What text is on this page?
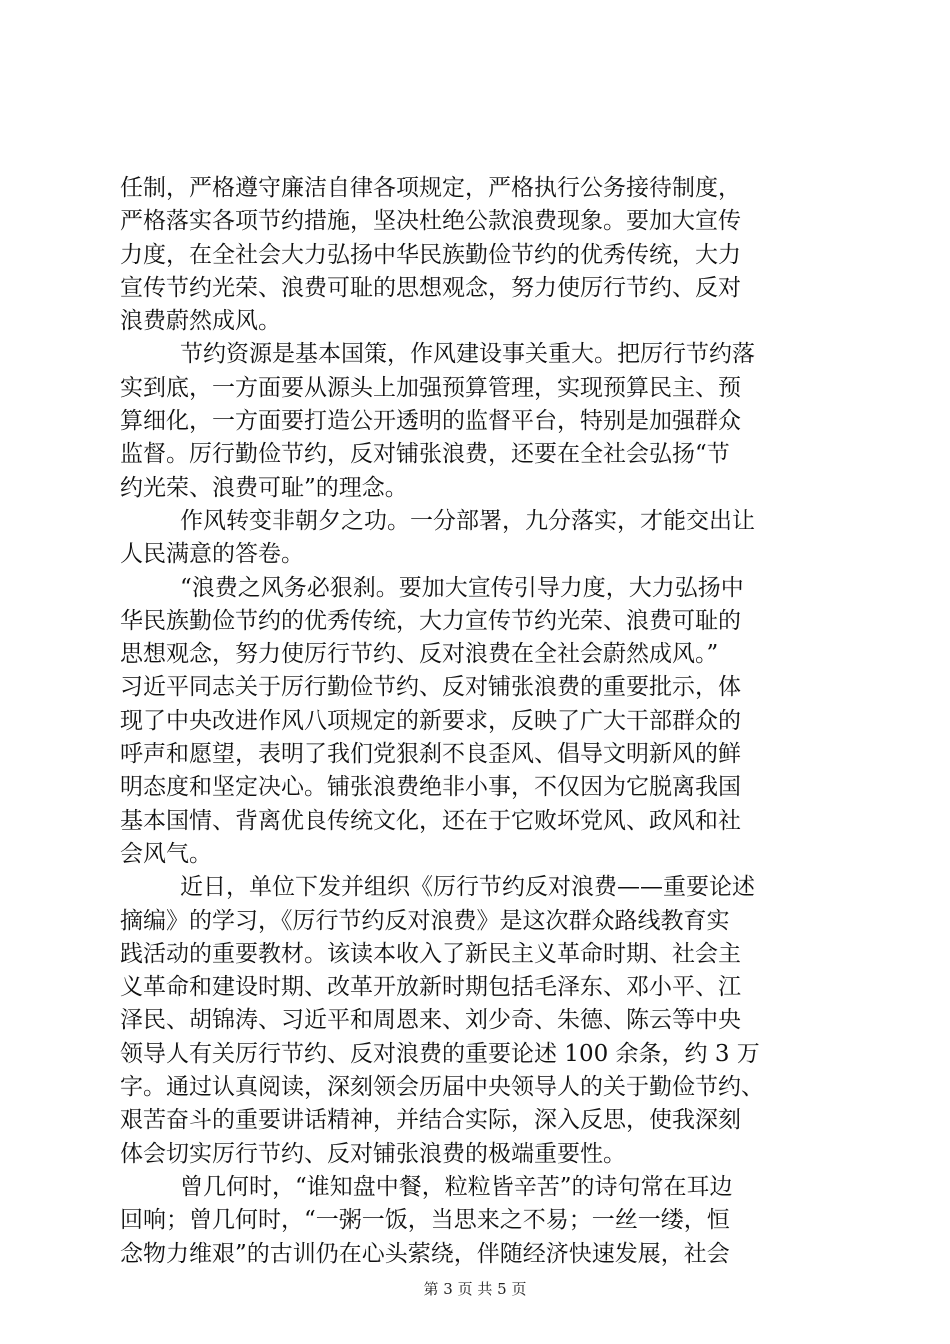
任制，严格遵守廉洁自律各项规定，严格执行公务接待制度，
严格落实各项节约措施，坚决杜绝公款浪费现象。要加大宣传
力度，在全社会大力弘扬中华民族勤俭节约的优秀传统，大力
宣传节约光荣、浪费可耻的思想观念，努力使厉行节约、反对
浪费蔚然成风。
节约资源是基本国策，作风建设事关重大。把厉行节约落
实到底，一方面要从源头上加强预算管理，实现预算民主、预
算细化，一方面要打造公开透明的监督平台，特别是加强群众
监督。厉行勤俭节约，反对铺张浪费，还要在全社会弘扬“节
约光荣、浪费可耻”的理念。
作风转变非朝夕之功。一分部署，九分落实，才能交出让
人民满意的答卷。
“浪费之风务必狠刹。要加大宣传引导力度，大力弘扬中
华民族勤俭节约的优秀传统，大力宣传节约光荣、浪费可耻的
思想观念，努力使厉行节约、反对浪费在全社会蔚然成风。”
习近平同志关于厉行勤俭节约、反对铺张浪费的重要批示，体
现了中央改进作风八项规定的新要求，反映了广大干部群众的
呼声和愿望，表明了我们党狠刹不良歪风、倡导文明新风的鲜
明态度和坚定决心。铺张浪费绝非小事，不仅因为它脱离我国
基本国情、背离优良传统文化，还在于它败坏党风、政风和社
会风气。
近日，单位下发并组织《厉行节约反对浪费——重要论述
摘编》的学习，《厉行节约反对浪费》是这次群众路线教育实
践活动的重要教材。该读本收入了新民主义革命时期、社会主
义革命和建设时期、改革开放新时期包括毛泽东、邓小平、江
泽民、胡锦涛、习近平和周恩来、刘少奇、朱德、陈云等中央
领导人有关厉行节约、反对浪费的重要论述 100 余条，约 3 万
字。通过认真阅读，深刻领会历届中央领导人的关于勤俭节约、
艰苦奋斗的重要讲话精神，并结合实际，深入反思，使我深刻
体会切实厉行节约、反对铺张浪费的极端重要性。
曾几何时，“谁知盘中餐，粒粒皆辛苦”的诗句常在耳边
回响；曾几何时，“一粥一饭，当思来之不易；一丝一缕，恒
念物力维艰”的古训仍在心头萦绕，伴随经济快速发展，社会
第 3 页 共 5 页
